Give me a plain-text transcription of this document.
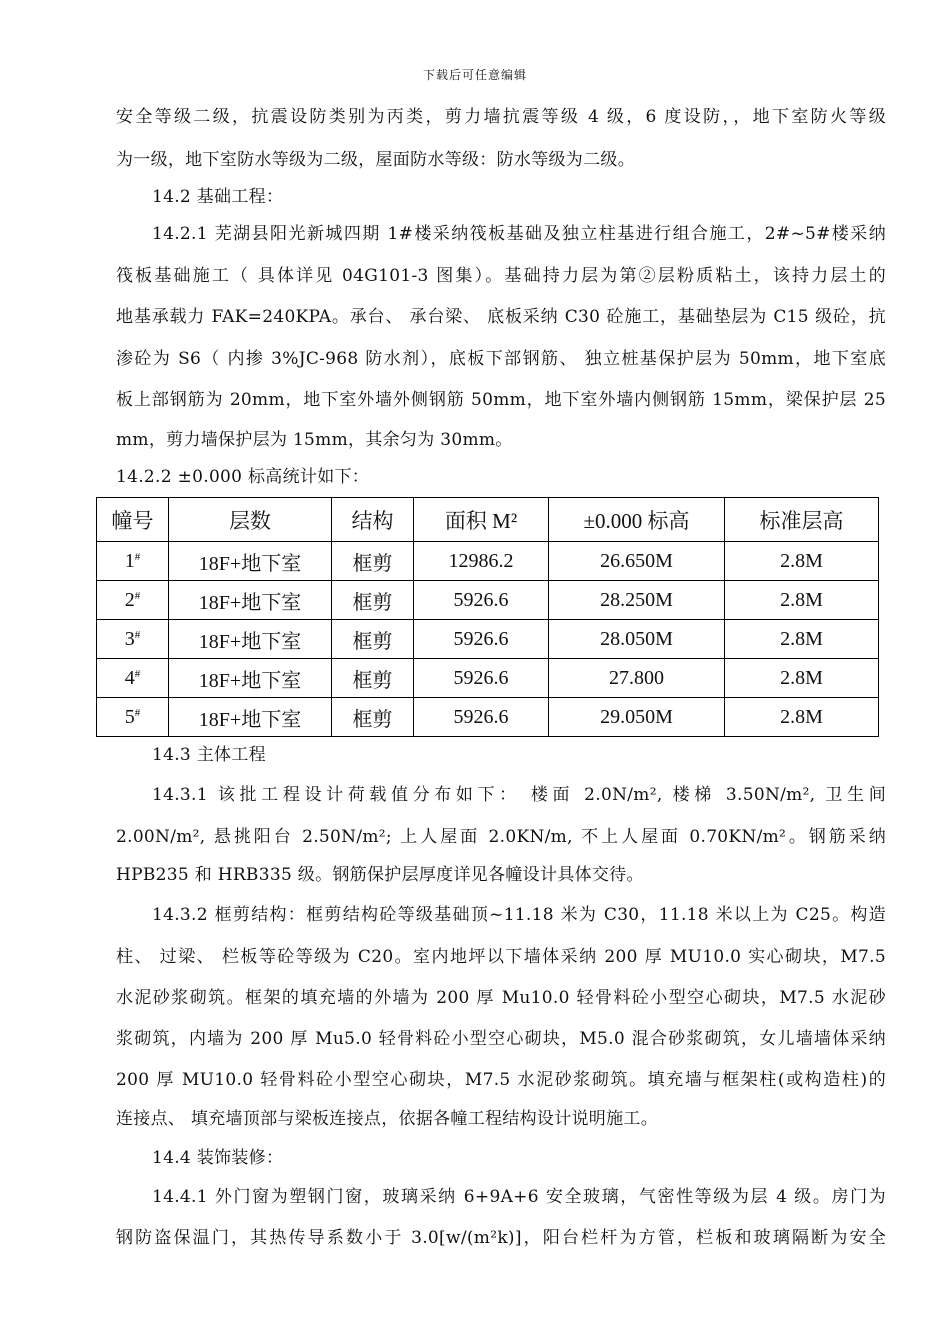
下载后可任意编辑
安全等级二级，抗震设防类别为丙类，剪力墙抗震等级 4 级，6 度设防，，地下室防火等级
为一级，地下室防水等级为二级，屋面防水等级：防水等级为二级。
14.2 基础工程：
14.2.1 芜湖县阳光新城四期 1#楼采纳筏板基础及独立柱基进行组合施工，2#~5#楼采纳
筏板基础施工（ 具体详见 04G101-3 图集）。基础持力层为第②层粉质粘土，该持力层土的
地基承载力 FAK=240KPA。承台、 承台梁、 底板采纳 C30 砼施工，基础垫层为 C15 级砼，抗
渗砼为 S6（ 内掺 3%JC-968 防水剂），底板下部钢筋、 独立桩基保护层为 50mm，地下室底
板上部钢筋为 20mm，地下室外墙外侧钢筋 50mm，地下室外墙内侧钢筋 15mm，梁保护层 25
mm，剪力墙保护层为 15mm，其余匀为 30mm。
14.2.2 ±0.000 标高统计如下：
幢号	层数	结构	面积 M²	±0.000 标高	标准层高
1#	18F+地下室	框剪	12986.2	26.650M	2.8M
2#	18F+地下室	框剪	5926.6	28.250M	2.8M
3#	18F+地下室	框剪	5926.6	28.050M	2.8M
4#	18F+地下室	框剪	5926.6	27.800	2.8M
5#	18F+地下室	框剪	5926.6	29.050M	2.8M
14.3 主体工程
14.3.1 该批工程设计荷载值分布如下： 楼面 2.0N/m², 楼梯 3.50N/m², 卫生间
2.00N/m², 悬挑阳台 2.50N/m²; 上人屋面 2.0KN/m, 不上人屋面 0.70KN/m²。钢筋采纳
HPB235 和 HRB335 级。钢筋保护层厚度详见各幢设计具体交待。
14.3.2 框剪结构：框剪结构砼等级基础顶~11.18 米为 C30，11.18 米以上为 C25。构造
柱、 过梁、 栏板等砼等级为 C20。室内地坪以下墙体采纳 200 厚 MU10.0 实心砌块，M7.5
水泥砂浆砌筑。框架的填充墙的外墙为 200 厚 Mu10.0 轻骨料砼小型空心砌块，M7.5 水泥砂
浆砌筑，内墙为 200 厚 Mu5.0 轻骨料砼小型空心砌块，M5.0 混合砂浆砌筑，女儿墙墙体采纳
200 厚 MU10.0 轻骨料砼小型空心砌块，M7.5 水泥砂浆砌筑。填充墙与框架柱(或构造柱)的
连接点、 填充墙顶部与梁板连接点，依据各幢工程结构设计说明施工。
14.4 装饰装修：
14.4.1 外门窗为塑钢门窗，玻璃采纳 6+9A+6 安全玻璃，气密性等级为层 4 级。房门为
钢防盗保温门，其热传导系数小于 3.0[w/(m²k)]，阳台栏杆为方管，栏板和玻璃隔断为安全
